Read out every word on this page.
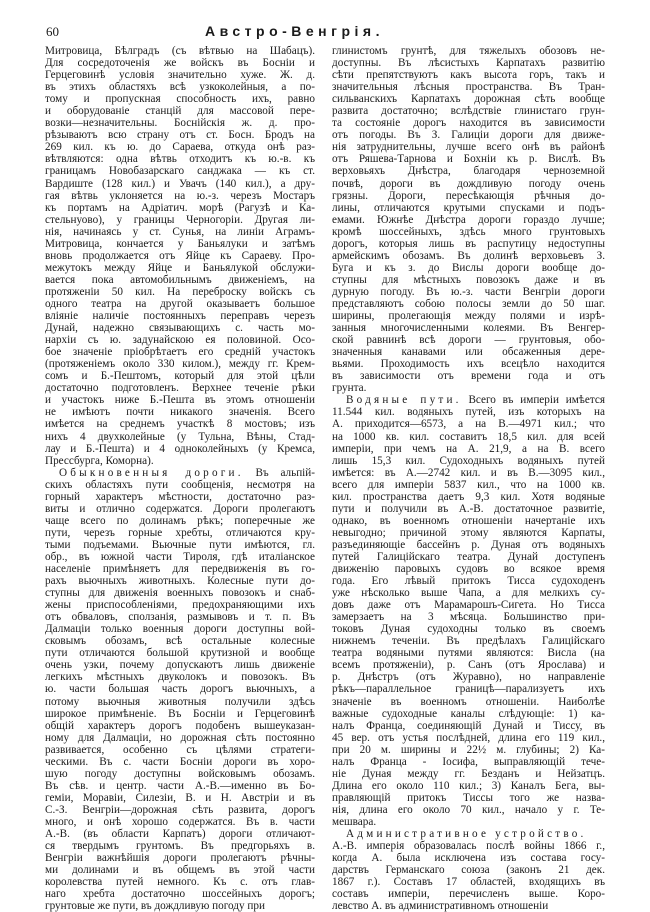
60	Австро-Венгрія.
Митровица, Бѣлградъ (съ вѣтвью на Шабацъ).
Для сосредоточенія же войскъ въ Босніи и
Герцеговинѣ условія значительно хуже. Ж. д.
въ этихъ областяхъ всѣ узкоколейныя, а по-
тому и пропускная способность ихъ, равно
и оборудованіе станцій для массовой пере-
возки—незначительны. Боснійскія ж. д. про-
рѣзываютъ всю страну отъ ст. Босн. Бродъ на
269 кил. къ ю. до Сараева, откуда онѣ раз-
вѣтвляются: одна вѣтвь отходитъ къ ю.-в. къ
границамъ Новобазарскаго санджака — къ ст.
Вардиште (128 кил.) и Увачъ (140 кил.), а дру-
гая вѣтвь уклоняется на ю.-з. черезъ Мостаръ
къ портамъ на Адріатич. морѣ (Рагузѣ и Ка-
стельнуово), у границы Черногоріи. Другая ли-
нія, начинаясь у ст. Сунья, на линіи Аграмъ-
Митровица, кончается у Баньялуки и затѣмъ
вновь продолжается отъ Яйце къ Сараеву. Про-
межутокъ между Яйце и Баньялукой обслужи-
вается пока автомобильнымъ движеніемъ, на
протяженіи 50 кил. На переброску войскъ съ
одного театра на другой оказываетъ большое
вліяніе наличіе постоянныхъ переправъ черезъ
Дунай, надежно связывающихъ с. часть мо-
нархіи съ ю. задунайскою ея половиной. Осо-
бое значеніе пріобрѣтаетъ его средній участокъ
(протяженіемъ около 330 килом.), между гг. Крем-
сомъ и Б.-Пештомъ, который для этой цѣли
достаточно подготовленъ. Верхнее теченіе рѣки
и участокъ ниже Б.-Пешта въ этомъ отношеніи
не имѣютъ почти никакого значенія. Всего
имѣется на среднемъ участкѣ 8 мостовъ; изъ
нихъ 4 двухколейные (у Тульна, Вѣны, Стад-
лау и Б.-Пешта) и 4 одноколейныхъ (у Кремса,
Прессбурга, Коморна).
Обыкновенныя дороги. Въ альпій-
скихъ областяхъ пути сообщенія, несмотря на
горный характеръ мѣстности, достаточно раз-
виты и отлично содержатся. Дороги пролегаютъ
чаще всего по долинамъ рѣкъ; поперечные же
пути, черезъ горные хребты, отличаются кру-
тыми подъемами. Вьючные пути имѣются, гл.
обр., въ южной части Тироля, гдѣ италіанское
населеніе примѣняетъ для передвиженія въ го-
рахъ вьючныхъ животныхъ. Колесные пути до-
ступны для движенія военныхъ повозокъ и снаб-
жены приспособленіями, предохраняющими ихъ
отъ обваловъ, сползанія, размывовъ и т. п. Въ
Далмаціи только военныя дороги доступны вой-
сковымъ обозамъ, всѣ остальные колесные
пути отличаются большой крутизной и вообще
очень узки, почему допускаютъ лишь движеніе
легкихъ мѣстныхъ двуколокъ и повозокъ. Въ
ю. части большая часть дорогъ вьючныхъ, а
потому вьючныя животныя получили здѣсь
широкое примѣненіе. Въ Босніи и Герцеговинѣ
общій характеръ дорогъ подобенъ вышеуказан-
ному для Далмаціи, но дорожная сѣть постоянно
развивается, особенно съ цѣлями стратеги-
ческими. Въ с. части Босніи дороги въ хоро-
шую погоду доступны войсковымъ обозамъ.
Въ сѣв. и центр. части А.-В.—именно въ Бо-
геміи, Моравіи, Силезіи, В. и Н. Австріи и въ
С.-З. Венгріи—дорожная сѣть развита, дорогъ
много, и онѣ хорошо содержатся. Въ в. части
А.-В. (въ области Карпатъ) дороги отличают-
ся твердымъ грунтомъ. Въ предгорьяхъ в.
Венгріи важнѣйшія дороги пролегаютъ рѣчны-
ми долинами и въ общемъ въ этой части
королевства путей немного. Къ с. отъ глав-
наго хребта достаточно шоссейныхъ дорогъ;
грунтовые же пути, въ дождливую погоду при
глинистомъ грунтѣ, для тяжелыхъ обозовъ не-
доступны. Въ лѣсистыхъ Карпатахъ развитію
сѣти препятствуютъ какъ высота горъ, такъ и
значительныя лѣсныя пространства. Въ Тран-
сильванскихъ Карпатахъ дорожная сѣть вообще
развита достаточно; вслѣдствіе глинистаго грун-
та состояніе дорогъ находится въ зависимости
отъ погоды. Въ З. Галиціи дороги для движе-
нія затруднительны, лучше всего онѣ въ районѣ
отъ Ряшева-Тарнова и Бохніи къ р. Вислѣ. Въ
верховьяхъ Днѣстра, благодаря черноземной
почвѣ, дороги въ дождливую погоду очень
грязны. Дороги, пересѣкающія рѣчныя до-
лины, отличаются крутыми спусками и подъ-
емами. Южнѣе Днѣстра дороги гораздо лучше;
кромѣ шоссейныхъ, здѣсь много грунтовыхъ
дорогъ, которыя лишь въ распутицу недоступны
армейскимъ обозамъ. Въ долинѣ верховьевъ З.
Буга и къ з. до Вислы дороги вообще до-
ступны для мѣстныхъ повозокъ даже и въ
дурную погоду. Въ ю.-з. части Венгріи дороги
представляютъ собою полосы земли до 50 шаг.
ширины, пролегающія между полями и изрѣ-
занныя многочисленными колеями. Въ Венгер-
ской равнинѣ всѣ дороги — грунтовыя, обо-
значенныя канавами или обсаженныя дере-
вьями. Проходимость ихъ всецѣло находится
въ зависимости отъ времени года и отъ
грунта.
Водяные пути. Всего въ имперіи имѣется
11.544 кил. водяныхъ путей, изъ которыхъ на
А. приходится—6573, а на В.—4971 кил.; что
на 1000 кв. кил. составитъ 18,5 кил. для всей
имперіи, при чемъ на А. 21,9, а на В. всего
лишь 15,3 кил. Судоходныхъ водяныхъ путей
имѣется: въ А.—2742 кил. и въ В.—3095 кил.,
всего для имперіи 5837 кил., что на 1000 кв.
кил. пространства даетъ 9,3 кил. Хотя водяные
пути и получили въ А.-В. достаточное развитіе,
однако, въ военномъ отношеніи начертаніе ихъ
невыгодно; причиной этому являются Карпаты,
разъединяющіе бассейнъ р. Дуная отъ водяныхъ
путей Галиційскаго театра. Дунай доступенъ
движенію паровыхъ судовъ во всякое время
года. Его лѣвый притокъ Тисса судоходенъ
уже нѣсколько выше Чапа, а для мелкихъ су-
довъ даже отъ Марамарошъ-Сигета. Но Тисса
замерзаетъ на 3 мѣсяца. Большинство при-
токовъ Дуная судоходны только въ своемъ
нижнемъ теченіи. Въ предѣлахъ Галиційскаго
театра водяными путями являются: Висла (на
всемъ протяженіи), р. Санъ (отъ Ярослава) и
р. Днѣстръ (отъ Журавно), но направленіе
рѣкъ—параллельное границѣ—парализуетъ ихъ
значеніе въ военномъ отношеніи. Наиболѣе
важные судоходные каналы слѣдующіе: 1) ка-
налъ Франца, соединяющій Дунай и Тиссу, въ
45 вер. отъ устья послѣдней, длина его 119 кил.,
при 20 м. ширины и 22½ м. глубины; 2) Ка-
налъ Франца - Іосифа, выправляющій тече-
ніе Дуная между гг. Безданъ и Нейзатцъ.
Длина его около 110 кил.; 3) Каналъ Бега, вы-
правляющій притокъ Тиссы того же назва-
нія, длина его около 70 кил., начало у г. Те-
мешвара.
Административное устройство.
А.-В. имперія образовалась послѣ войны 1866 г.,
когда А. была исключена изъ состава госу-
дарствъ Германскаго союза (законъ 21 дек.
1867 г.). Составъ 17 областей, входящихъ въ
составъ имперіи, перечисленъ выше. Коро-
левство А. въ административномъ отношеніи
